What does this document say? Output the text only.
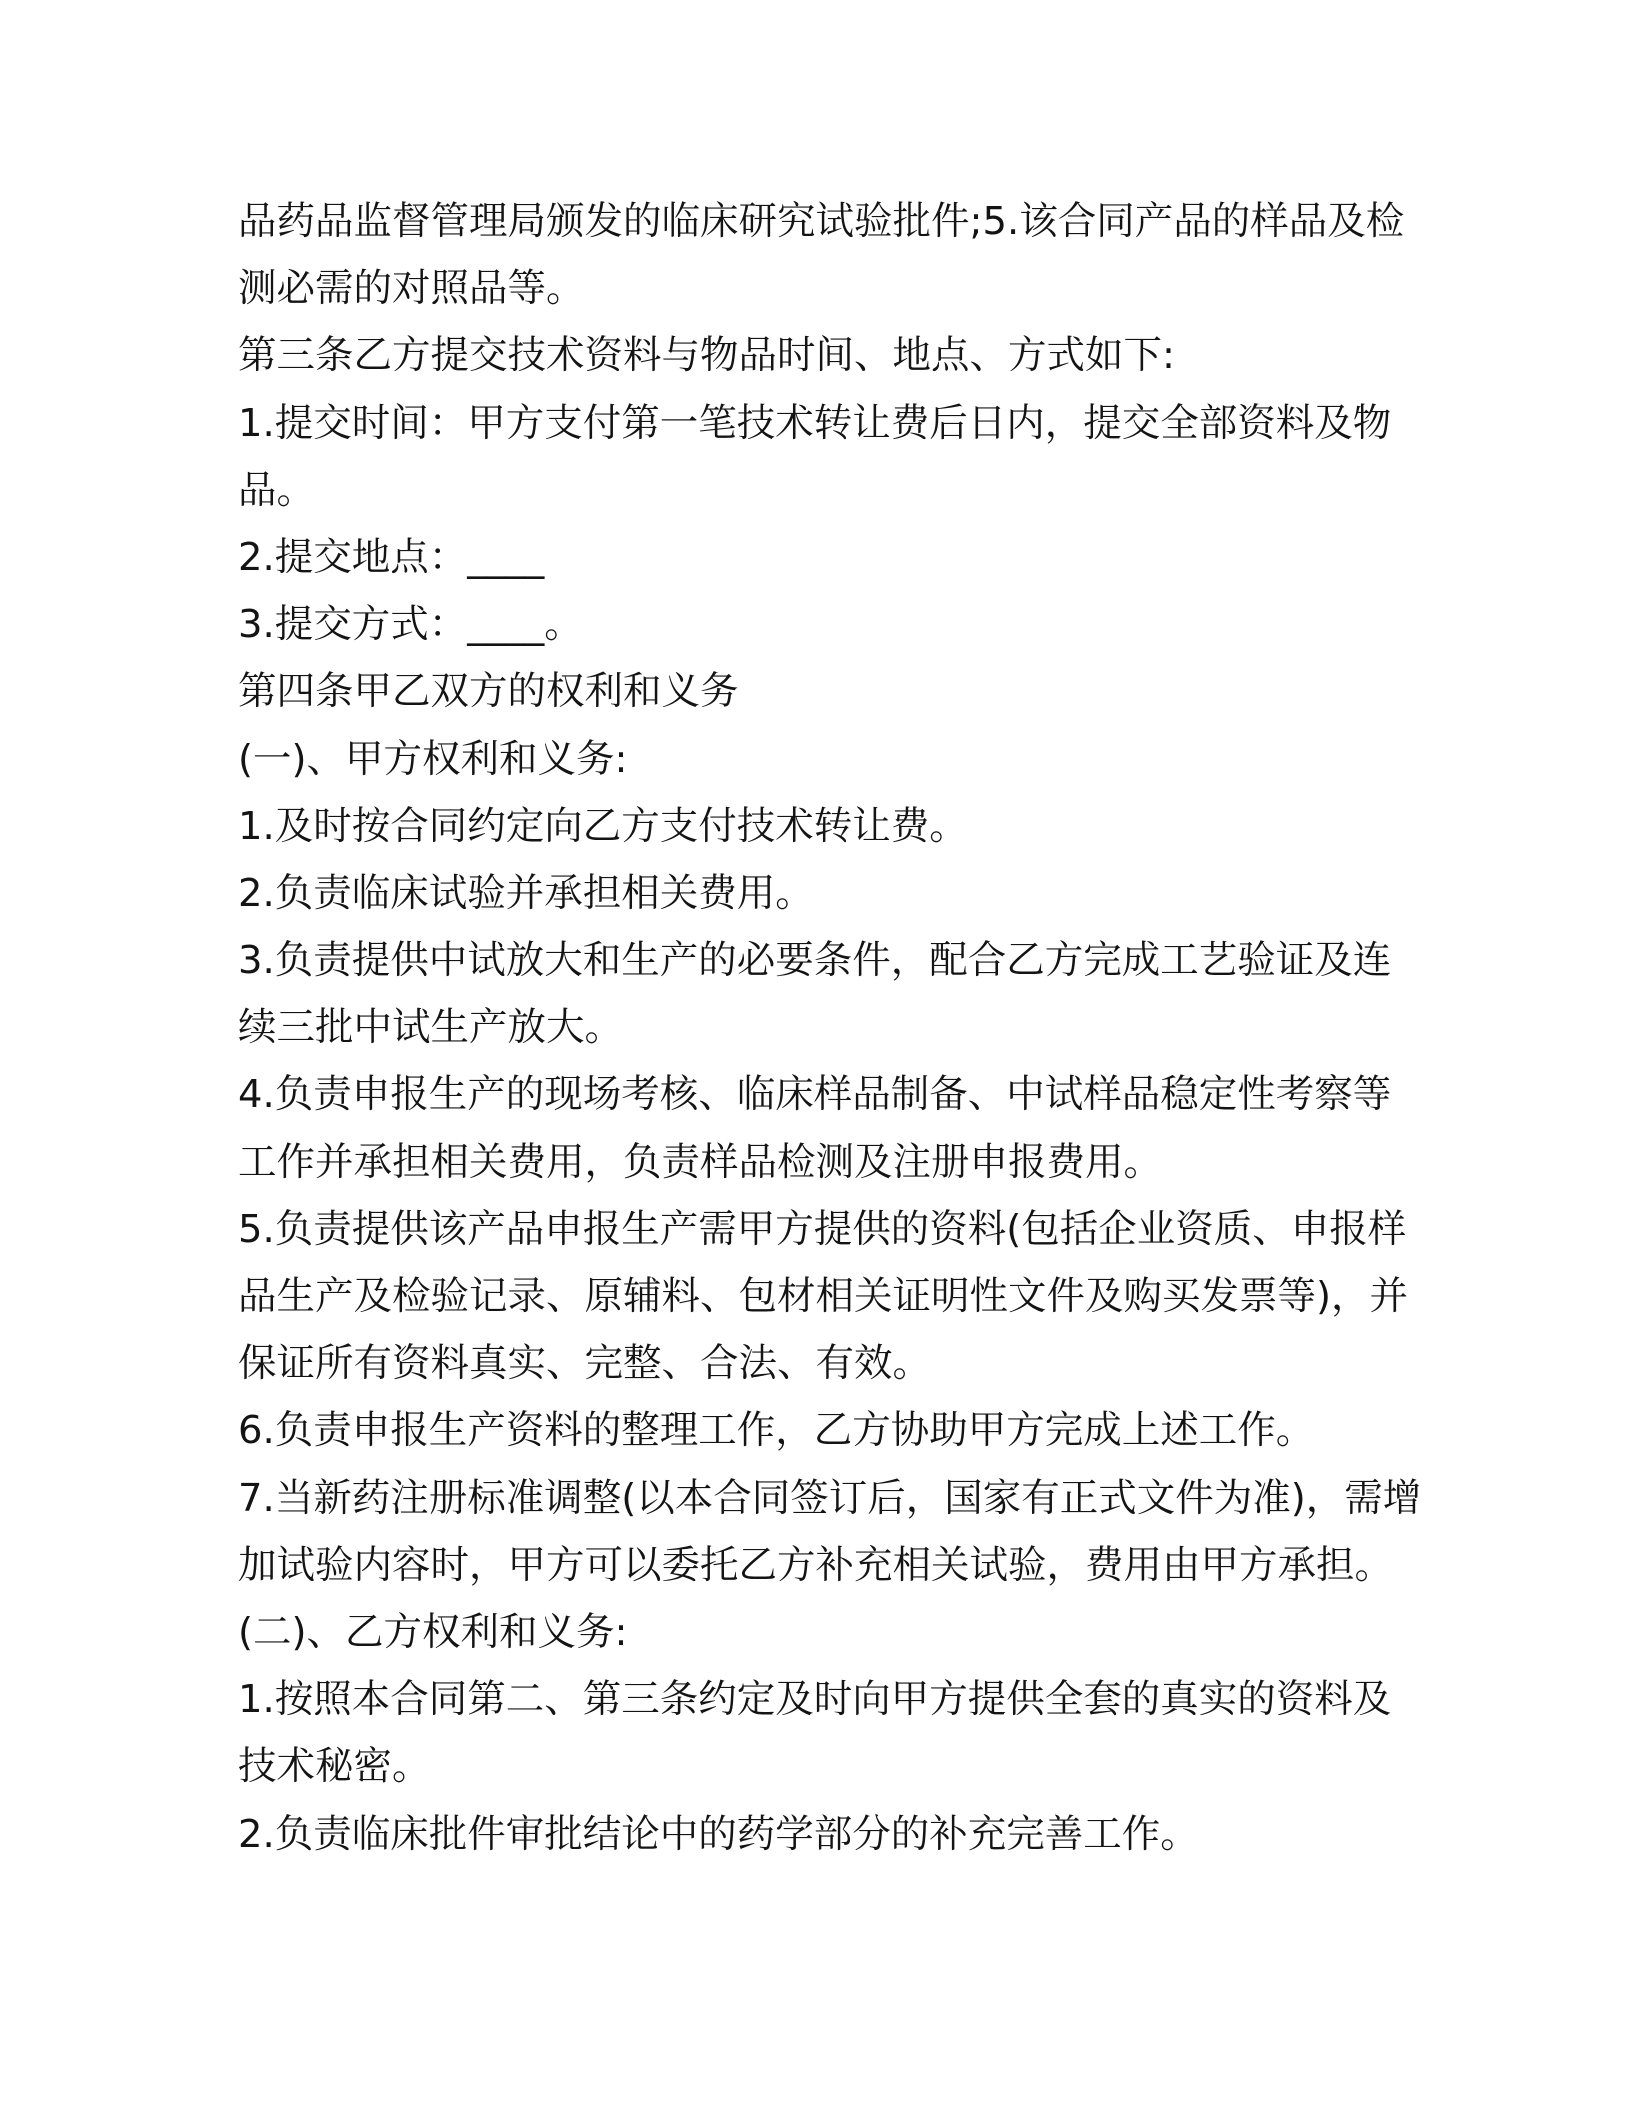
品药品监督管理局颁发的临床研究试验批件;5.该合同产品的样品及检
测必需的对照品等。
第三条乙方提交技术资料与物品时间、地点、方式如下:
1.提交时间：甲方支付第一笔技术转让费后日内，提交全部资料及物
品。
2.提交地点：____
3.提交方式：____。
第四条甲乙双方的权利和义务
(一)、甲方权利和义务:
1.及时按合同约定向乙方支付技术转让费。
2.负责临床试验并承担相关费用。
3.负责提供中试放大和生产的必要条件，配合乙方完成工艺验证及连
续三批中试生产放大。
4.负责申报生产的现场考核、临床样品制备、中试样品稳定性考察等
工作并承担相关费用，负责样品检测及注册申报费用。
5.负责提供该产品申报生产需甲方提供的资料(包括企业资质、申报样
品生产及检验记录、原辅料、包材相关证明性文件及购买发票等)，并
保证所有资料真实、完整、合法、有效。
6.负责申报生产资料的整理工作，乙方协助甲方完成上述工作。
7.当新药注册标准调整(以本合同签订后，国家有正式文件为准)，需增
加试验内容时，甲方可以委托乙方补充相关试验，费用由甲方承担。
(二)、乙方权利和义务:
1.按照本合同第二、第三条约定及时向甲方提供全套的真实的资料及
技术秘密。
2.负责临床批件审批结论中的药学部分的补充完善工作。
